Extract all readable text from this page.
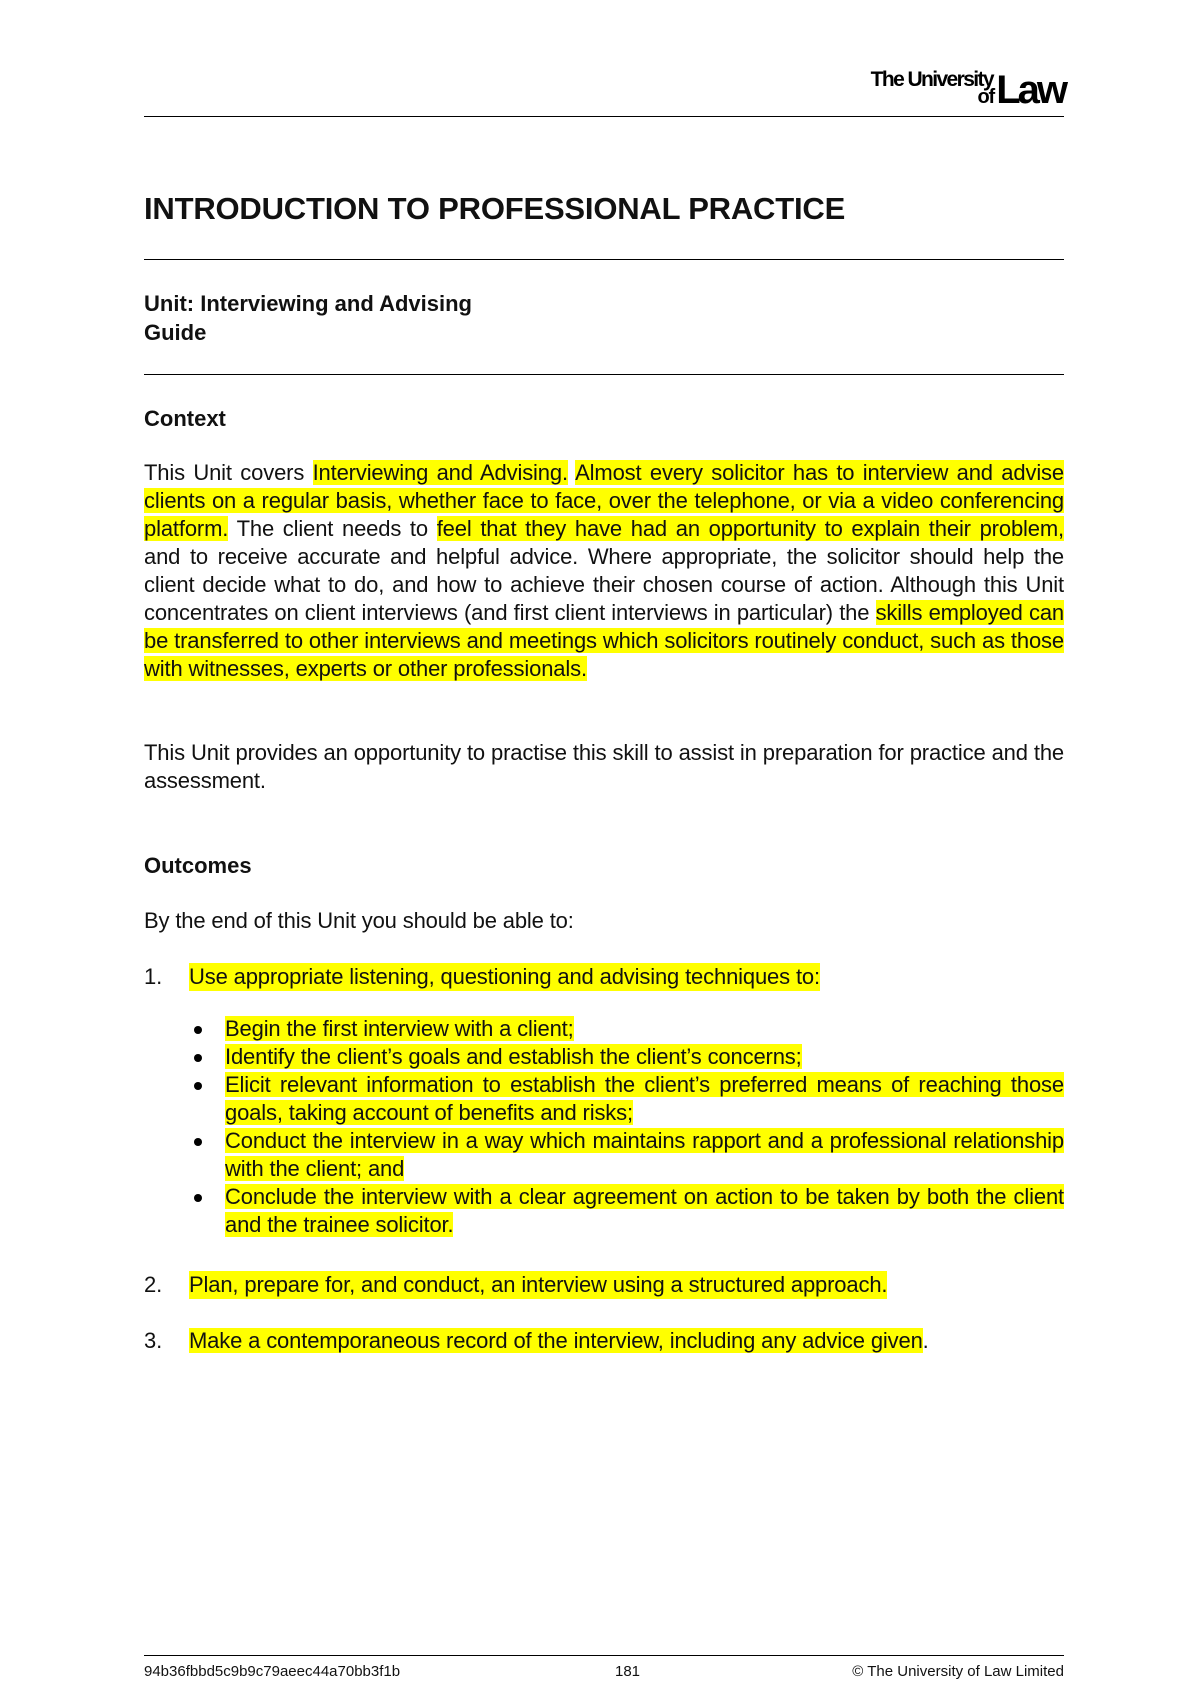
The University
of Law
INTRODUCTION TO PROFESSIONAL PRACTICE
Unit: Interviewing and Advising
Guide
Context

This Unit covers Interviewing and Advising. Almost every solicitor has to interview and advise clients on a regular basis, whether face to face, over the telephone, or via a video conferencing platform. The client needs to feel that they have had an opportunity to explain their problem, and to receive accurate and helpful advice. Where appropriate, the solicitor should help the client decide what to do, and how to achieve their chosen course of action. Although this Unit concentrates on client interviews (and first client interviews in particular) the skills employed can be transferred to other interviews and meetings which solicitors routinely conduct, such as those with witnesses, experts or other professionals.

This Unit provides an opportunity to practise this skill to assist in preparation for practice and the assessment.

Outcomes

By the end of this Unit you should be able to:

1. Use appropriate listening, questioning and advising techniques to:
Begin the first interview with a client;
Identify the client’s goals and establish the client’s concerns;
Elicit relevant information to establish the client’s preferred means of reaching those goals, taking account of benefits and risks;
Conduct the interview in a way which maintains rapport and a professional relationship with the client; and
Conclude the interview with a clear agreement on action to be taken by both the client and the trainee solicitor.
2. Plan, prepare for, and conduct, an interview using a structured approach.
3. Make a contemporaneous record of the interview, including any advice given.
94b36fbbd5c9b9c79aeec44a70bb3f1b	181	© The University of Law Limited
